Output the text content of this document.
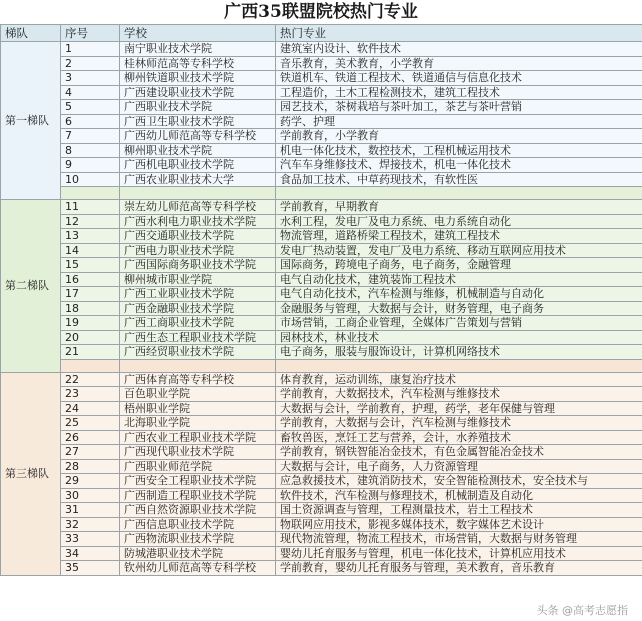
广西35联盟院校热门专业
梯队	序号	学校	热门专业
第一梯队	1	南宁职业技术学院	建筑室内设计、软件技术
	2	桂林师范高等专科学校	音乐教育，美术教育，小学教育
	3	柳州铁道职业技术学院	铁道机车、铁道工程技术、铁道通信与信息化技术
	4	广西建设职业技术学院	工程造价，土木工程检测技术，建筑工程技术
	5	广西职业技术学院	园艺技术，茶树栽培与茶叶加工，茶艺与茶叶营销
	6	广西卫生职业技术学院	药学、护理
	7	广西幼儿师范高等专科学校	学前教育，小学教育
	8	柳州职业技术学院	机电一体化技术，数控技术，工程机械运用技术
	9	广西机电职业技术学院	汽车车身维修技术、焊接技术，机电一体化技术
	10	广西农业职业技术大学	食品加工技术、中草药现技术，有软性医

第二梯队	11	崇左幼儿师范高等专科学校	学前教育，早期教育
	12	广西水利电力职业技术学院	水利工程，发电厂及电力系统、电力系统自动化
	13	广西交通职业技术学院	物流管理，道路桥梁工程技术，建筑工程技术
	14	广西电力职业技术学院	发电厂热动装置，发电厂及电力系统、移动互联网应用技术
	15	广西国际商务职业技术学院	国际商务，跨境电子商务，电子商务，金融管理
	16	柳州城市职业学院	电气自动化技术，建筑装饰工程技术
	17	广西工业职业技术学院	电气自动化技术，汽车检测与维修，机械制造与自动化
	18	广西金融职业技术学院	金融服务与管理，大数据与会计，财务管理，电子商务
	19	广西工商职业技术学院	市场营销，工商企业管理，全媒体广告策划与营销
	20	广西生态工程职业技术学院	园林技术，林业技术
	21	广西经贸职业技术学院	电子商务，服装与服饰设计，计算机网络技术

第三梯队	22	广西体育高等专科学校	体育教育，运动训练，康复治疗技术
	23	百色职业学院	学前教育，大数据技术，汽车检测与维修技术
	24	梧州职业学院	大数据与会计，学前教育，护理，药学，老年保健与管理
	25	北海职业学院	学前教育，大数据与会计，汽车检测与维修技术
	26	广西农业工程职业技术学院	畜牧兽医，烹饪工艺与营养，会计，水养殖技术
	27	广西现代职业技术学院	学前教育，钢铁智能冶金技术，有色金属智能冶金技术
	28	广西职业师范学院	大数据与会计，电子商务，人力资源管理
	29	广西安全工程职业技术学院	应急救援技术，建筑消防技术，安全智能检测技术，安全技术与
	30	广西制造工程职业技术学院	软件技术，汽车检测与修理技术，机械制造及自动化
	31	广西自然资源职业技术学院	国土资源调查与管理，工程测量技术，岩土工程技术
	32	广西信息职业技术学院	物联网应用技术，影视多媒体技术，数字媒体艺术设计
	33	广西物流职业技术学院	现代物流管理，物流工程技术，市场营销，大数据与财务管理
	34	防城港职业技术学院	婴幼儿托育服务与管理，机电一体化技术，计算机应用技术
	35	钦州幼儿师范高等专科学校	学前教育，婴幼儿托育服务与管理，美术教育，音乐教育
头条 @高考志愿指
